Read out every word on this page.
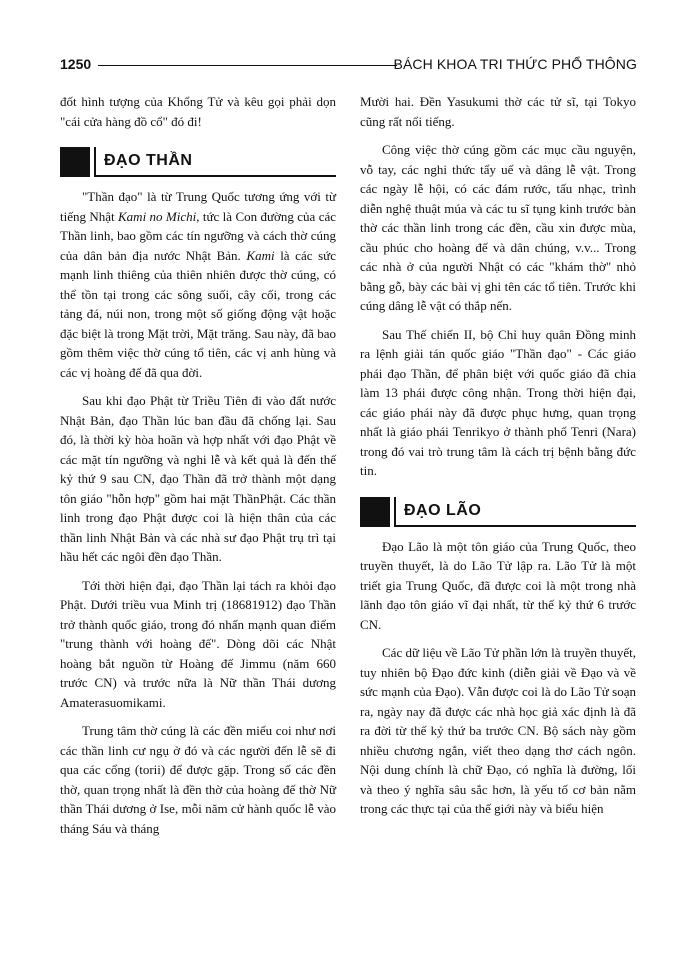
1250	BÁCH KHOA TRI THỨC PHỔ THÔNG

đốt hình tượng của Khổng Tử và kêu gọi phải dọn "cái cửa hàng đồ cổ" đó đi!

ĐẠO THẦN

"Thần đạo" là từ Trung Quốc tương ứng với từ tiếng Nhật Kami no Michi, tức là Con đường của các Thần linh, bao gồm các tín ngưỡng và cách thờ cúng của dân bản địa nước Nhật Bản. Kami là các sức mạnh linh thiêng của thiên nhiên được thờ cúng, có thể tồn tại trong các sông suối, cây cối, trong các tảng đá, núi non, trong một số giống động vật hoặc đặc biệt là trong Mặt trời, Mặt trăng. Sau này, đã bao gồm thêm việc thờ cúng tổ tiên, các vị anh hùng và các vị hoàng đế đã qua đời.

Sau khi đạo Phật từ Triều Tiên đi vào đất nước Nhật Bản, đạo Thần lúc ban đầu đã chống lại. Sau đó, là thời kỳ hòa hoãn và hợp nhất với đạo Phật về các mặt tín ngưỡng và nghi lễ và kết quả là đến thế kỷ thứ 9 sau CN, đạo Thần đã trở thành một dạng tôn giáo "hỗn hợp" gồm hai mặt ThầnPhật. Các thần linh trong đạo Phật được coi là hiện thân của các thần linh Nhật Bản và các nhà sư đạo Phật trụ trì tại hầu hết các ngôi đền đạo Thần.

Tới thời hiện đại, đạo Thần lại tách ra khỏi đạo Phật. Dưới triều vua Minh trị (18681912) đạo Thần trở thành quốc giáo, trong đó nhấn mạnh quan điểm "trung thành với hoàng đế". Dòng dõi các Nhật hoàng bắt nguồn từ Hoàng đế Jimmu (năm 660 trước CN) và trước nữa là Nữ thần Thái dương Amaterasuomikami.

Trung tâm thờ cúng là các đền miếu coi như nơi các thần linh cư ngụ ở đó và các người đến lễ sẽ đi qua các cổng (torii) để được gặp. Trong số các đền thờ, quan trọng nhất là đền thờ của hoàng đế thờ Nữ thần Thái dương ở Ise, mỗi năm cử hành quốc lễ vào tháng Sáu và tháng

Mười hai. Đền Yasukumi thờ các tử sĩ, tại Tokyo cũng rất nổi tiếng.

Công việc thờ cúng gồm các mục cầu nguyện, vỗ tay, các nghi thức tẩy uế và dâng lễ vật. Trong các ngày lễ hội, có các đám rước, tấu nhạc, trình diễn nghệ thuật múa và các tu sĩ tụng kinh trước bàn thờ các thần linh trong các đền, cầu xin được mùa, cầu phúc cho hoàng đế và dân chúng, v.v... Trong các nhà ở của người Nhật có các "khám thờ" nhỏ bằng gỗ, bày các bài vị ghi tên các tổ tiên. Trước khi cúng dâng lễ vật có thắp nến.

Sau Thế chiến II, bộ Chỉ huy quân Đồng minh ra lệnh giải tán quốc giáo "Thần đạo" - Các giáo phái đạo Thần, để phân biệt với quốc giáo đã chia làm 13 phái được công nhận. Trong thời hiện đại, các giáo phái này đã được phục hưng, quan trọng nhất là giáo phái Tenrikyo ở thành phố Tenri (Nara) trong đó vai trò trung tâm là cách trị bệnh bằng đức tin.

ĐẠO LÃO

Đạo Lão là một tôn giáo của Trung Quốc, theo truyền thuyết, là do Lão Tử lập ra. Lão Tử là một triết gia Trung Quốc, đã được coi là một trong nhà lãnh đạo tôn giáo vĩ đại nhất, từ thế kỷ thứ 6 trước CN.

Các dữ liệu về Lão Tử phần lớn là truyền thuyết, tuy nhiên bộ Đạo đức kinh (diễn giải về Đạo và về sức mạnh của Đạo). Vẫn được coi là do Lão Tử soạn ra, ngày nay đã được các nhà học giả xác định là đã ra đời từ thế kỷ thứ ba trước CN. Bộ sách này gồm nhiều chương ngắn, viết theo dạng thơ cách ngôn. Nội dung chính là chữ Đạo, có nghĩa là đường, lối và theo ý nghĩa sâu sắc hơn, là yếu tố cơ bản nằm trong các thực tại của thế giới này và biểu hiện
